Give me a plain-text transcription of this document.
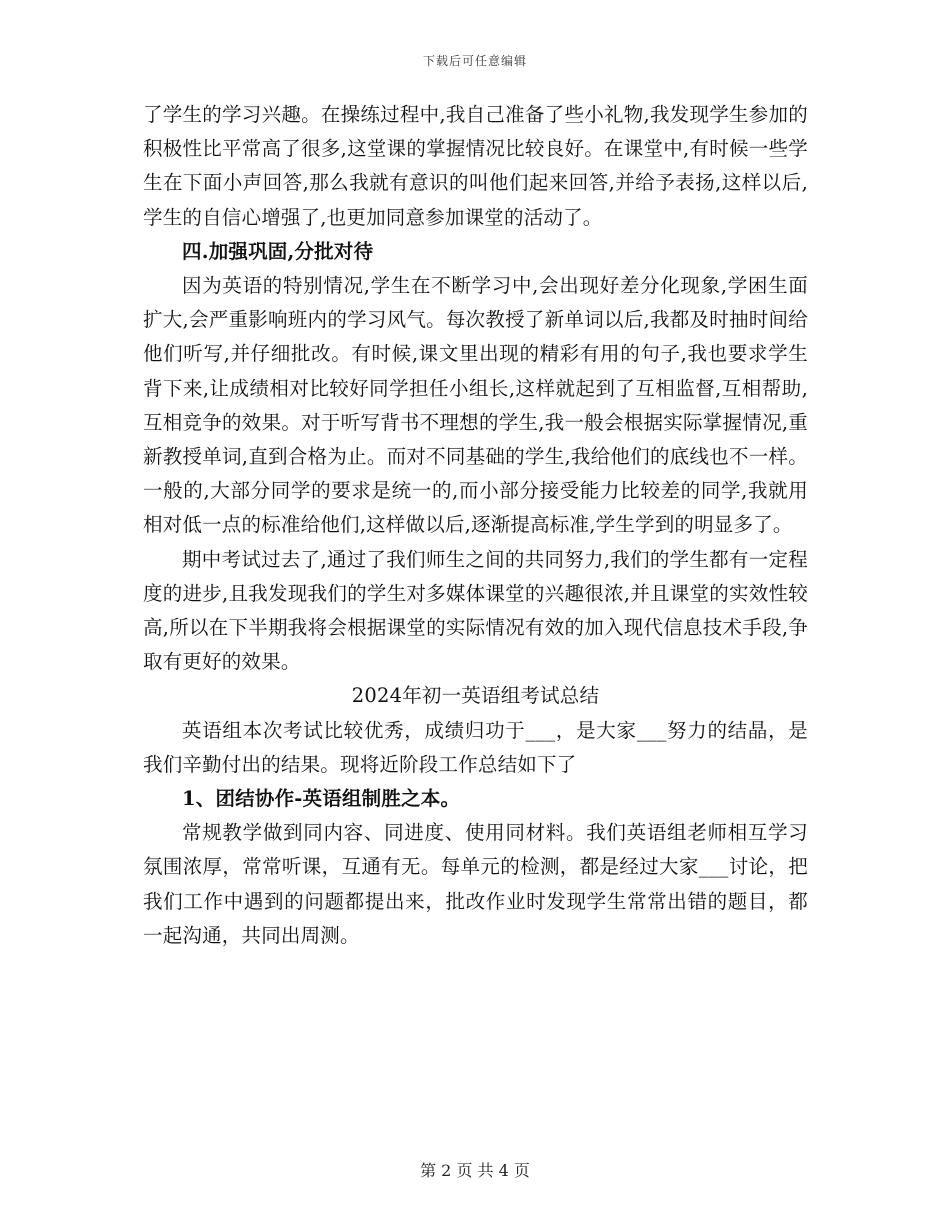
下载后可任意编辑

了学生的学习兴趣。在操练过程中,我自己准备了些小礼物,我发现学生参加的积极性比平常高了很多,这堂课的掌握情况比较良好。在课堂中,有时候一些学生在下面小声回答,那么我就有意识的叫他们起来回答,并给予表扬,这样以后,学生的自信心增强了,也更加同意参加课堂的活动了。

四.加强巩固,分批对待

因为英语的特别情况,学生在不断学习中,会出现好差分化现象,学困生面扩大,会严重影响班内的学习风气。每次教授了新单词以后,我都及时抽时间给他们听写,并仔细批改。有时候,课文里出现的精彩有用的句子,我也要求学生背下来,让成绩相对比较好同学担任小组长,这样就起到了互相监督,互相帮助,互相竞争的效果。对于听写背书不理想的学生,我一般会根据实际掌握情况,重新教授单词,直到合格为止。而对不同基础的学生,我给他们的底线也不一样。一般的,大部分同学的要求是统一的,而小部分接受能力比较差的同学,我就用相对低一点的标准给他们,这样做以后,逐渐提高标准,学生学到的明显多了。

期中考试过去了,通过了我们师生之间的共同努力,我们的学生都有一定程度的进步,且我发现我们的学生对多媒体课堂的兴趣很浓,并且课堂的实效性较高,所以在下半期我将会根据课堂的实际情况有效的加入现代信息技术手段,争取有更好的效果。

2024年初一英语组考试总结

英语组本次考试比较优秀，成绩归功于___，是大家___努力的结晶，是我们辛勤付出的结果。现将近阶段工作总结如下了

1、团结协作-英语组制胜之本。

常规教学做到同内容、同进度、使用同材料。我们英语组老师相互学习氛围浓厚，常常听课，互通有无。每单元的检测，都是经过大家___讨论，把我们工作中遇到的问题都提出来，批改作业时发现学生常常出错的题目，都一起沟通，共同出周测。

第 2 页 共 4 页
